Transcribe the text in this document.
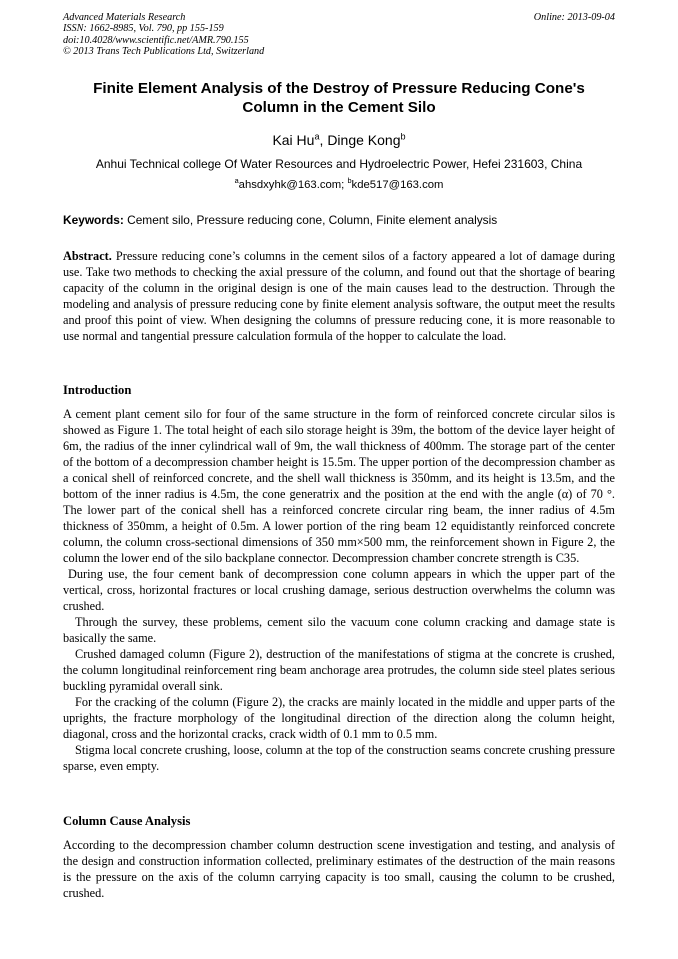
Advanced Materials Research
ISSN: 1662-8985, Vol. 790, pp 155-159
doi:10.4028/www.scientific.net/AMR.790.155
© 2013 Trans Tech Publications Ltd, Switzerland
Online: 2013-09-04
Finite Element Analysis of the Destroy of Pressure Reducing Cone's Column in the Cement Silo
Kai Hu$^a$, Dinge Kong$^b$
Anhui Technical college Of Water Resources and Hydroelectric Power, Hefei 231603, China
$^a$ahsdxyhk@163.com; $^b$kde517@163.com
Keywords: Cement silo, Pressure reducing cone, Column, Finite element analysis

Abstract. Pressure reducing cone’s columns in the cement silos of a factory appeared a lot of damage during use. Take two methods to checking the axial pressure of the column, and found out that the shortage of bearing capacity of the column in the original design is one of the main causes lead to the destruction. Through the modeling and analysis of pressure reducing cone by finite element analysis software, the output meet the results and proof this point of view. When designing the columns of pressure reducing cone, it is more reasonable to use normal and tangential pressure calculation formula of the hopper to calculate the load.

Introduction

A cement plant cement silo for four of the same structure in the form of reinforced concrete circular silos is showed as Figure 1. The total height of each silo storage height is 39m, the bottom of the device layer height of 6m, the radius of the inner cylindrical wall of 9m, the wall thickness of 400mm. The storage part of the center of the bottom of a decompression chamber height is 15.5m. The upper portion of the decompression chamber as a conical shell of reinforced concrete, and the shell wall thickness is 350mm, and its height is 13.5m, and the bottom of the inner radius is 4.5m, the cone generatrix and the position at the end with the angle (α) of 70 °. The lower part of the conical shell has a reinforced concrete circular ring beam, the inner radius of 4.5m thickness of 350mm, a height of 0.5m. A lower portion of the ring beam 12 equidistantly reinforced concrete column, the column cross-sectional dimensions of 350 mm×500 mm, the reinforcement shown in Figure 2, the column the lower end of the silo backplane connector. Decompression chamber concrete strength is C35.

During use, the four cement bank of decompression cone column appears in which the upper part of the vertical, cross, horizontal fractures or local crushing damage, serious destruction overwhelms the column was crushed.

Through the survey, these problems, cement silo the vacuum cone column cracking and damage state is basically the same.

Crushed damaged column (Figure 2), destruction of the manifestations of stigma at the concrete is crushed, the column longitudinal reinforcement ring beam anchorage area protrudes, the column side steel plates serious buckling pyramidal overall sink.

For the cracking of the column (Figure 2), the cracks are mainly located in the middle and upper parts of the uprights, the fracture morphology of the longitudinal direction of the direction along the column height, diagonal, cross and the horizontal cracks, crack width of 0.1 mm to 0.5 mm.

Stigma local concrete crushing, loose, column at the top of the construction seams concrete crushing pressure sparse, even empty.

Column Cause Analysis

According to the decompression chamber column destruction scene investigation and testing, and analysis of the design and construction information collected, preliminary estimates of the destruction of the main reasons is the pressure on the axis of the column carrying capacity is too small, causing the column to be crushed, crushed.
